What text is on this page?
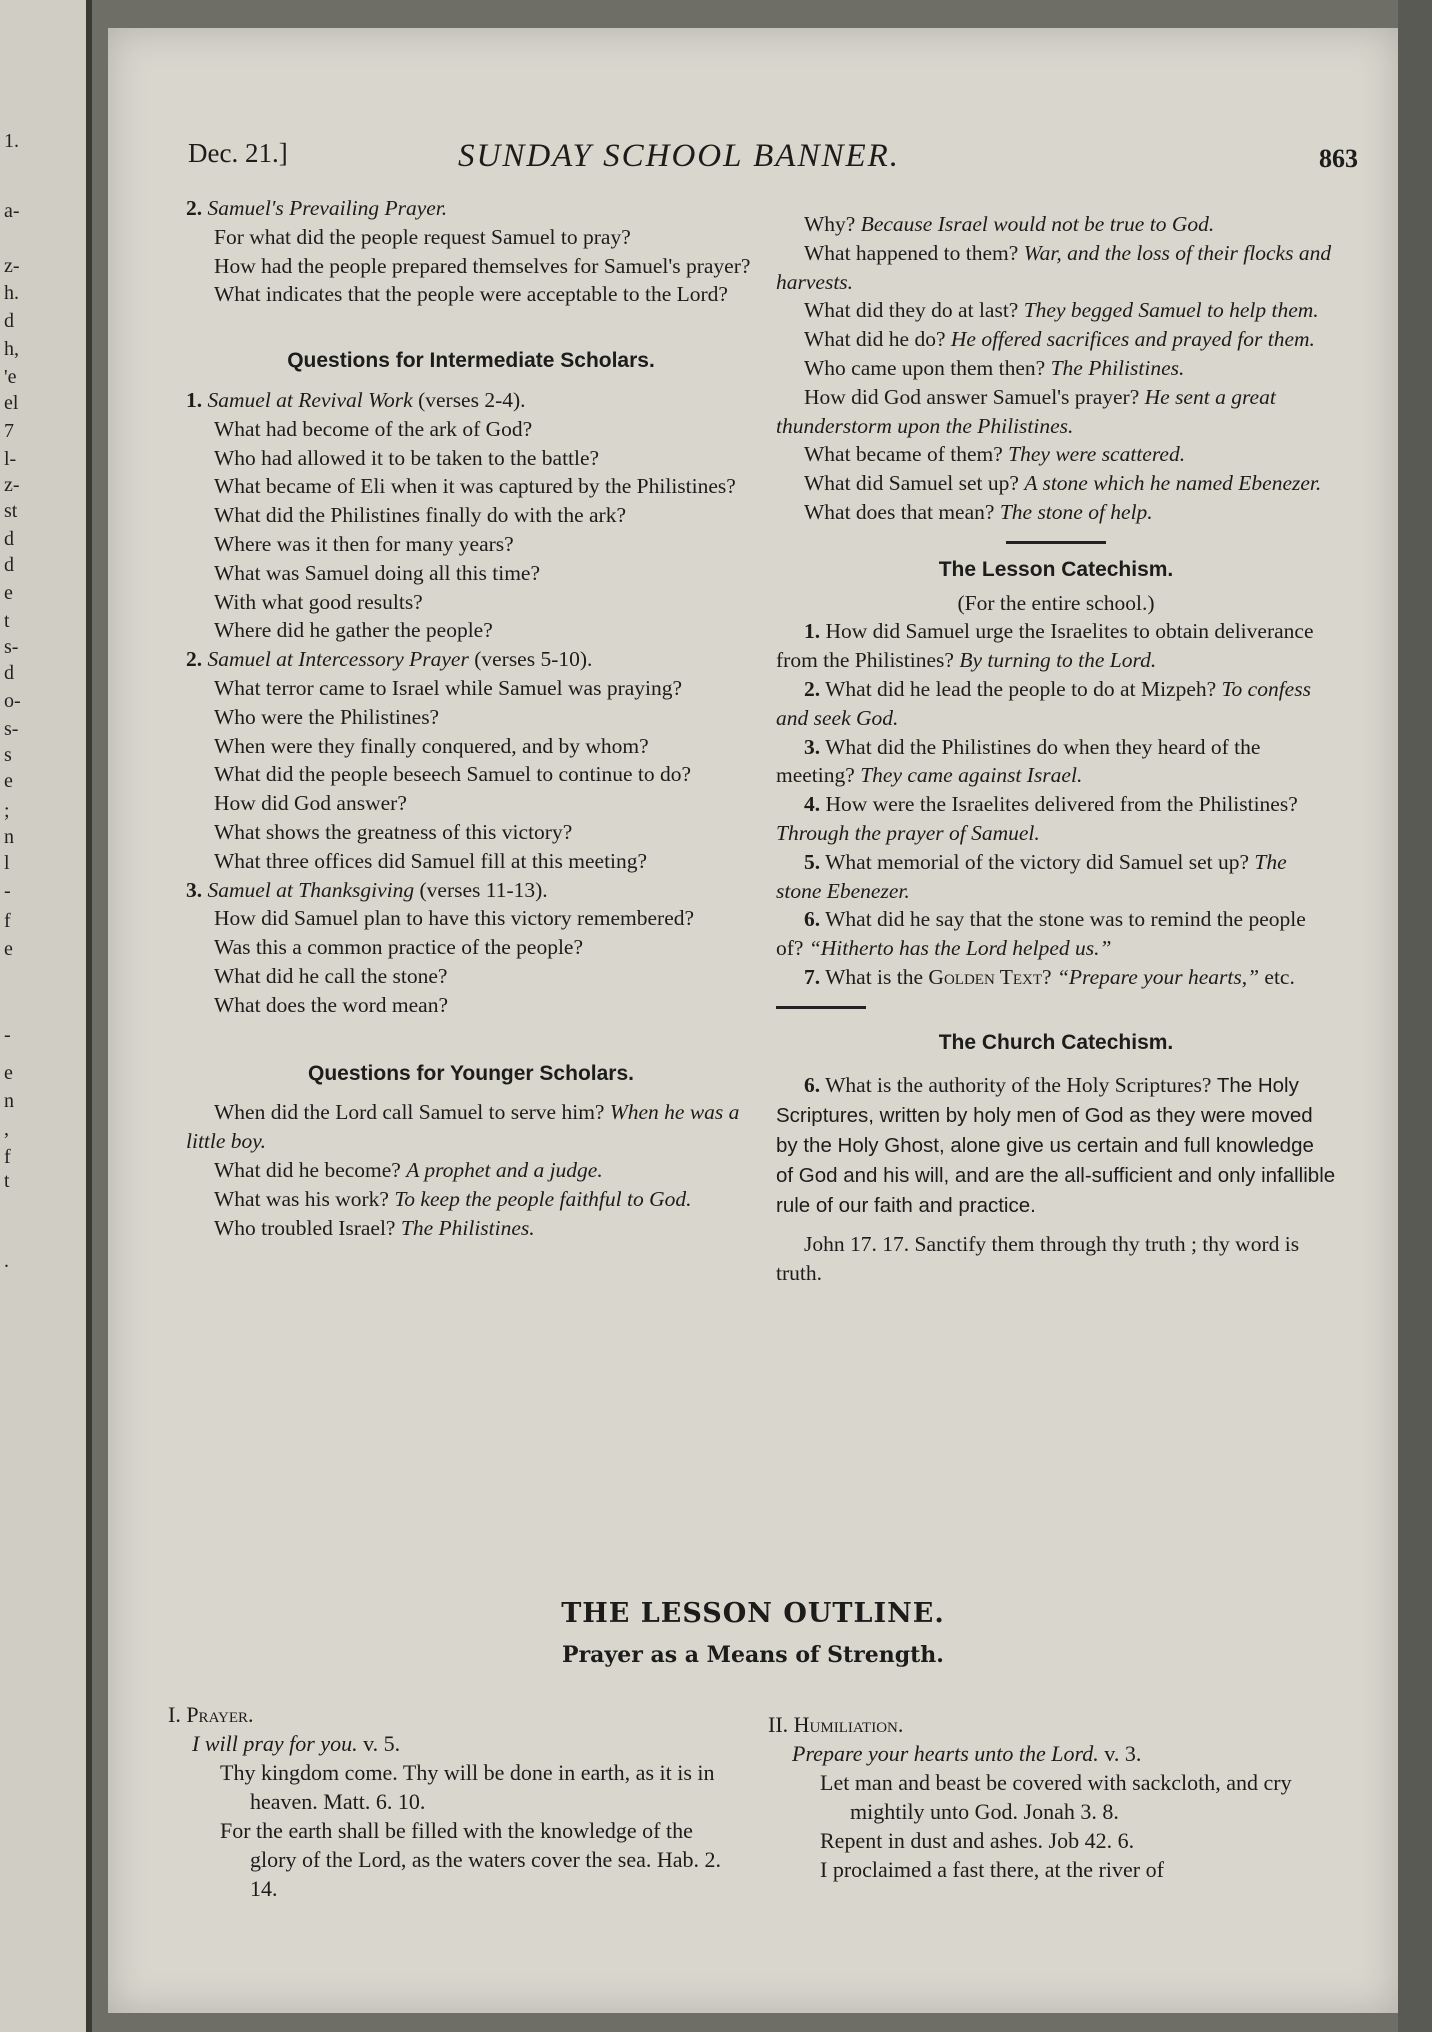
1.
a-
z-
h.
d
h,
'e
el
7
l-
z-
st
d
d
e
t
s-
d
o-
s-
s
e
;
n
l
-
f
e
-
e
n
,
f
t
.
Dec. 21.]	SUNDAY SCHOOL BANNER.	863

2. Samuel's Prevailing Prayer.

For what did the people request Samuel to pray?

How had the people prepared themselves for Samuel's prayer?

What indicates that the people were acceptable to the Lord?

Questions for Intermediate Scholars.

1. Samuel at Revival Work (verses 2-4).

What had become of the ark of God?

Who had allowed it to be taken to the battle?

What became of Eli when it was captured by the Philistines?

What did the Philistines finally do with the ark?

Where was it then for many years?

What was Samuel doing all this time?

With what good results?

Where did he gather the people?

2. Samuel at Intercessory Prayer (verses 5-10).

What terror came to Israel while Samuel was praying?

Who were the Philistines?

When were they finally conquered, and by whom?

What did the people beseech Samuel to continue to do?

How did God answer?

What shows the greatness of this victory?

What three offices did Samuel fill at this meeting?

3. Samuel at Thanksgiving (verses 11-13).

How did Samuel plan to have this victory remembered?

Was this a common practice of the people?

What did he call the stone?

What does the word mean?

Questions for Younger Scholars.

When did the Lord call Samuel to serve him? When he was a little boy.

What did he become? A prophet and a judge.

What was his work? To keep the people faithful to God.

Who troubled Israel? The Philistines.

Why? Because Israel would not be true to God.

What happened to them? War, and the loss of their flocks and harvests.

What did they do at last? They begged Samuel to help them.

What did he do? He offered sacrifices and prayed for them.

Who came upon them then? The Philistines.

How did God answer Samuel's prayer? He sent a great thunderstorm upon the Philistines.

What became of them? They were scattered.

What did Samuel set up? A stone which he named Ebenezer.

What does that mean? The stone of help.

The Lesson Catechism.

(For the entire school.)

1. How did Samuel urge the Israelites to obtain deliverance from the Philistines? By turning to the Lord.

2. What did he lead the people to do at Mizpeh? To confess and seek God.

3. What did the Philistines do when they heard of the meeting? They came against Israel.

4. How were the Israelites delivered from the Philistines? Through the prayer of Samuel.

5. What memorial of the victory did Samuel set up? The stone Ebenezer.

6. What did he say that the stone was to remind the people of? “Hitherto has the Lord helped us.”

7. What is the Golden Text? “Prepare your hearts,” etc.

The Church Catechism.

6. What is the authority of the Holy Scriptures? The Holy Scriptures, written by holy men of God as they were moved by the Holy Ghost, alone give us certain and full knowledge of God and his will, and are the all-sufficient and only infallible rule of our faith and practice.

John 17. 17. Sanctify them through thy truth ; thy word is truth.

THE LESSON OUTLINE.
Prayer as a Means of Strength.

I. Prayer.

I will pray for you. v. 5.

Thy kingdom come. Thy will be done in earth, as it is in heaven. Matt. 6. 10.

For the earth shall be filled with the knowledge of the glory of the Lord, as the waters cover the sea. Hab. 2. 14.

II. Humiliation.

Prepare your hearts unto the Lord. v. 3.

Let man and beast be covered with sackcloth, and cry mightily unto God. Jonah 3. 8.

Repent in dust and ashes. Job 42. 6.

I proclaimed a fast there, at the river of
